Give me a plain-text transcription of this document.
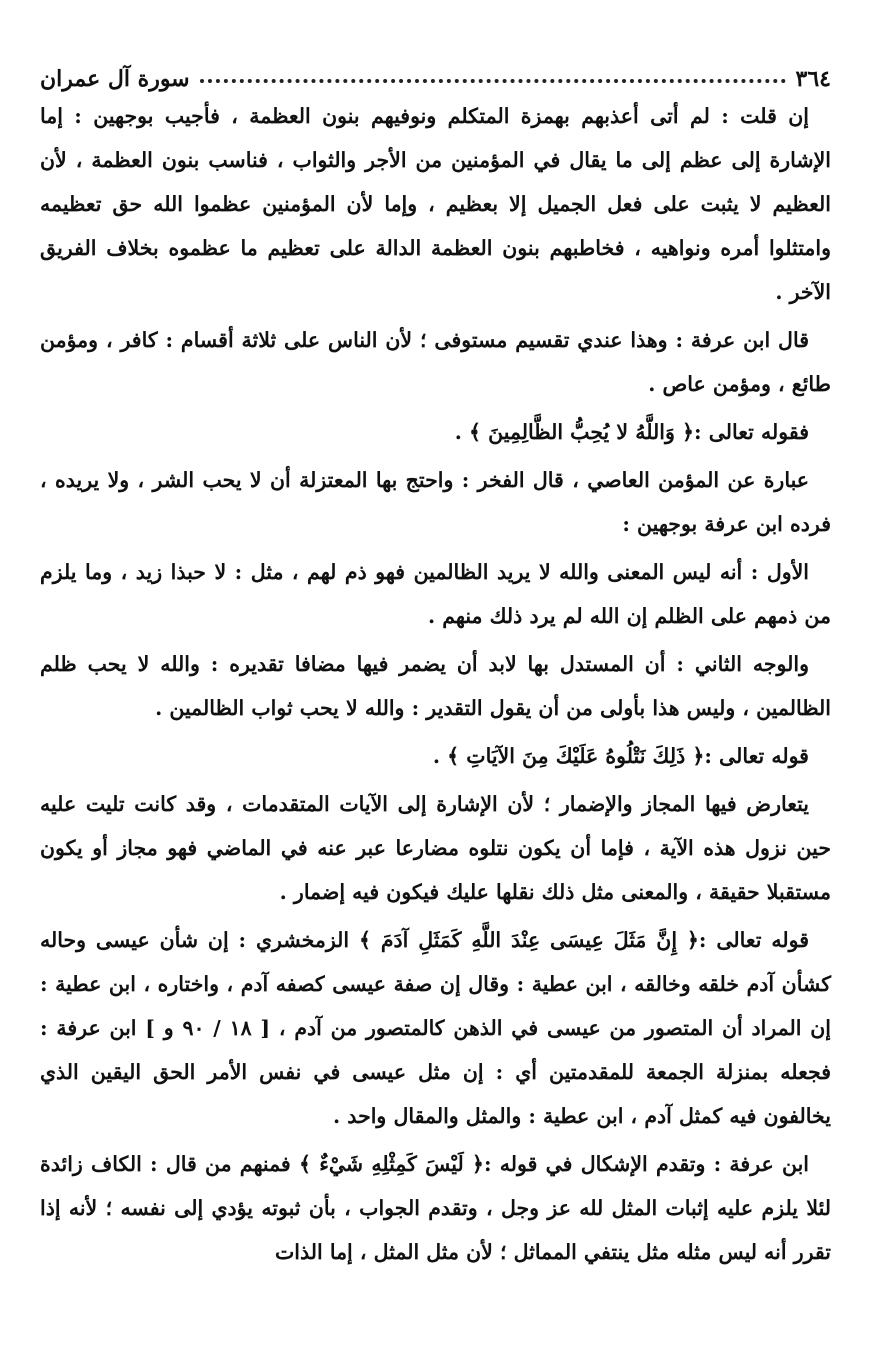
٣٦٤
سورة آل عمران

إن قلت : لم أتى أعذبهم بهمزة المتكلم ونوفيهم بنون العظمة ، فأجيب بوجهين : إما الإشارة إلى عظم إلى ما يقال في المؤمنين من الأجر والثواب ، فناسب بنون العظمة ، لأن العظيم لا يثبت على فعل الجميل إلا بعظيم ، وإما لأن المؤمنين عظموا الله حق تعظيمه وامتثلوا أمره ونواهيه ، فخاطبهم بنون العظمة الدالة على تعظيم ما عظموه بخلاف الفريق الآخر .

قال ابن عرفة : وهذا عندي تقسيم مستوفى ؛ لأن الناس على ثلاثة أقسام : كافر ، ومؤمن طائع ، ومؤمن عاص .

فقوله تعالى :﴿ وَاللَّهُ لا يُحِبُّ الظَّالِمِينَ ﴾ .

عبارة عن المؤمن العاصي ، قال الفخر : واحتج بها المعتزلة أن لا يحب الشر ، ولا يريده ، فرده ابن عرفة بوجهين :

الأول : أنه ليس المعنى والله لا يريد الظالمين فهو ذم لهم ، مثل : لا حبذا زيد ، وما يلزم من ذمهم على الظلم إن الله لم يرد ذلك منهم .

والوجه الثاني : أن المستدل بها لابد أن يضمر فيها مضافا تقديره : والله لا يحب ظلم الظالمين ، وليس هذا بأولى من أن يقول التقدير : والله لا يحب ثواب الظالمين .

قوله تعالى :﴿ ذَلِكَ نَتْلُوهُ عَلَيْكَ مِنَ الآيَاتِ ﴾ .

يتعارض فيها المجاز والإضمار ؛ لأن الإشارة إلى الآيات المتقدمات ، وقد كانت تليت عليه حين نزول هذه الآية ، فإما أن يكون نتلوه مضارعا عبر عنه في الماضي فهو مجاز أو يكون مستقبلا حقيقة ، والمعنى مثل ذلك نقلها عليك فيكون فيه إضمار .

قوله تعالى :﴿ إِنَّ مَثَلَ عِيسَى عِنْدَ اللَّهِ كَمَثَلِ آدَمَ ﴾ الزمخشري : إن شأن عيسى وحاله كشأن آدم خلقه وخالقه ، ابن عطية : وقال إن صفة عيسى كصفه آدم ، واختاره ، ابن عطية : إن المراد أن المتصور من عيسى في الذهن كالمتصور من آدم ، [ ١٨ / ٩٠ و ] ابن عرفة : فجعله بمنزلة الجمعة للمقدمتين أي : إن مثل عيسى في نفس الأمر الحق اليقين الذي يخالفون فيه كمثل آدم ، ابن عطية : والمثل والمقال واحد .

ابن عرفة : وتقدم الإشكال في قوله :﴿ لَيْسَ كَمِثْلِهِ شَيْءٌ ﴾ فمنهم من قال : الكاف زائدة لئلا يلزم عليه إثبات المثل لله عز وجل ، وتقدم الجواب ، بأن ثبوته يؤدي إلى نفسه ؛ لأنه إذا تقرر أنه ليس مثله مثل ينتفي المماثل ؛ لأن مثل المثل ، إما الذات
